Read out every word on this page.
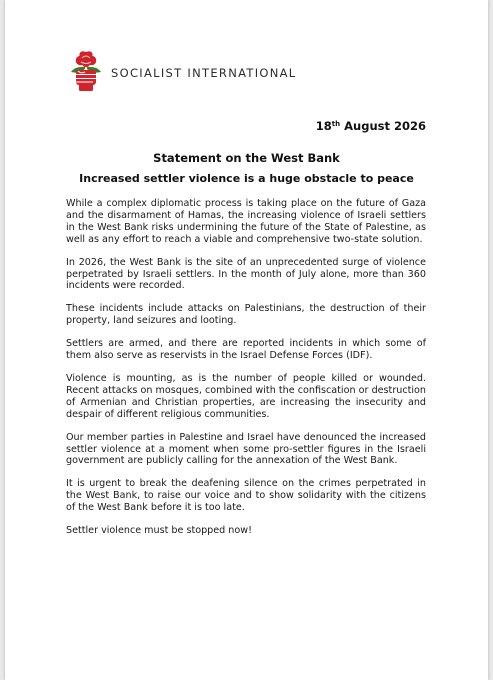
SOCIALIST INTERNATIONAL
18th August 2026
Statement on the West Bank
Increased settler violence is a huge obstacle to peace

While a complex diplomatic process is taking place on the future of Gaza and the disarmament of Hamas, the increasing violence of Israeli settlers in the West Bank risks undermining the future of the State of Palestine, as well as any effort to reach a viable and comprehensive two-state solution.

In 2026, the West Bank is the site of an unprecedented surge of violence perpetrated by Israeli settlers. In the month of July alone, more than 360 incidents were recorded.

These incidents include attacks on Palestinians, the destruction of their property, land seizures and looting.

Settlers are armed, and there are reported incidents in which some of them also serve as reservists in the Israel Defense Forces (IDF).

Violence is mounting, as is the number of people killed or wounded. Recent attacks on mosques, combined with the confiscation or destruction of Armenian and Christian properties, are increasing the insecurity and despair of different religious communities.

Our member parties in Palestine and Israel have denounced the increased settler violence at a moment when some pro-settler figures in the Israeli government are publicly calling for the annexation of the West Bank.

It is urgent to break the deafening silence on the crimes perpetrated in the West Bank, to raise our voice and to show solidarity with the citizens of the West Bank before it is too late.

Settler violence must be stopped now!
